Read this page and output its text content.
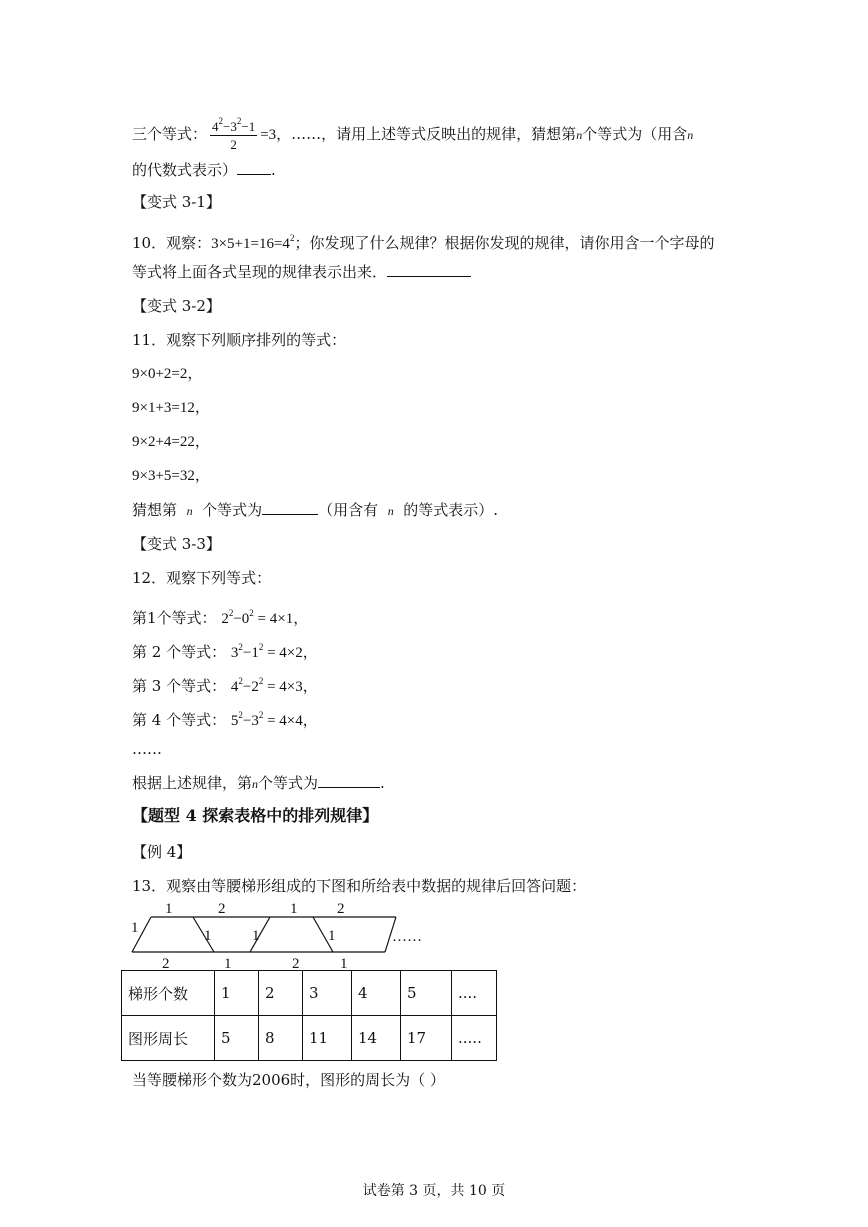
三个等式： $\frac{4^2-3^2-1}{2} =3$，……，请用上述等式反映出的规律，猜想第n个等式为（用含n
的代数式表示） .
【变式 3-1】
10．观察：$3\times 5+1=16=4^2$；你发现了什么规律？根据你发现的规律，请你用含一个字母的
等式将上面各式呈现的规律表示出来．
【变式 3-2】
11．观察下列顺序排列的等式：
9×0+2=2，
9×1+3=12，
9×2+4=22，
9×3+5=32，
猜想第 n 个等式为	（用含有 n 的等式表示）.
【变式 3-3】
12．观察下列等式：
第1个等式： $2^2-0^2 = 4\times 1$，
第 2 个等式： $3^2-1^2 = 4\times 2$，
第 3 个等式： $4^2-2^2 = 4\times 3$，
第 4 个等式： $5^2-3^2 = 4\times 4$，
……
根据上述规律，第n个等式为	.
【题型 4 探索表格中的排列规律】
【例 4】
13．观察由等腰梯形组成的下图和所给表中数据的规律后回答问题：
1	2	1	2
1	1	1	1	……
2	1	2	1
梯形个数	1	2	3	4	5	....
图形周长	5	8	11	14	17	.....
当等腰梯形个数为2006时，图形的周长为（ ）
试卷第 3 页，共 10 页
